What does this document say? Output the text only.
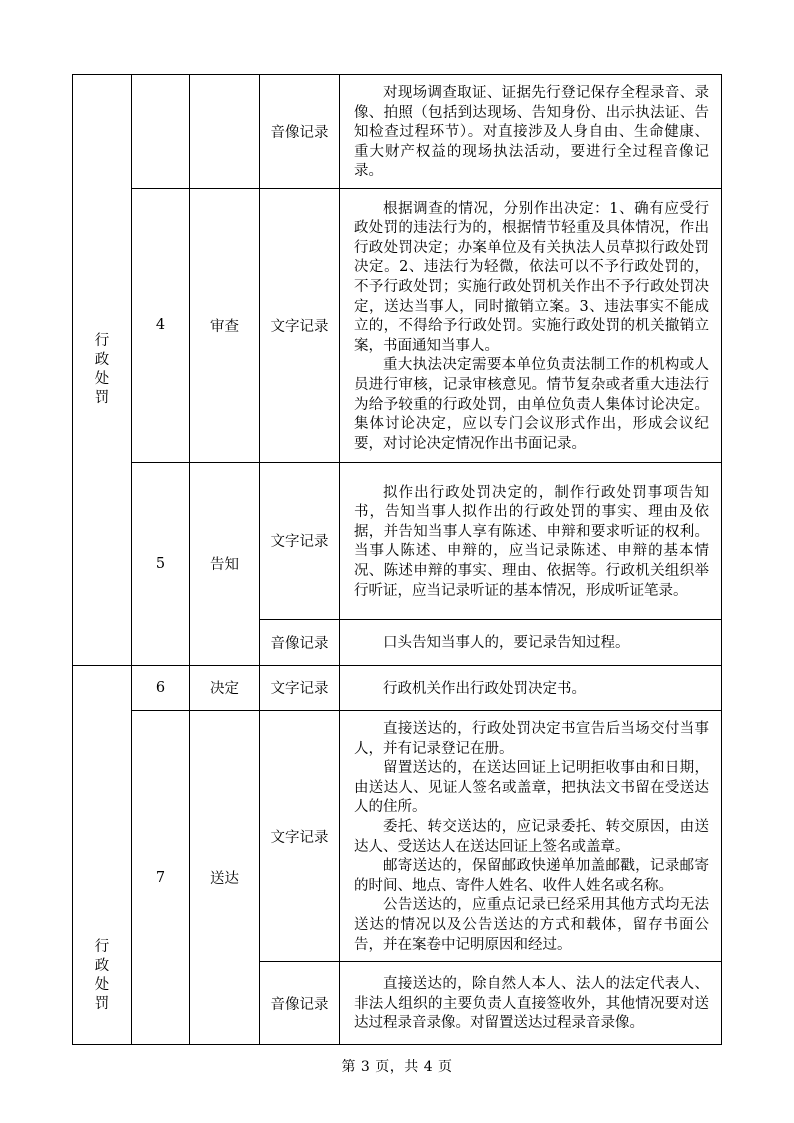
行政处罚			音像记录	对现场调查取证、证据先行登记保存全程录音、录像、拍照（包括到达现场、告知身份、出示执法证、告知检查过程环节）。对直接涉及人身自由、生命健康、重大财产权益的现场执法活动，要进行全过程音像记录。

	4	审查	文字记录	根据调查的情况，分别作出决定：1、确有应受行政处罚的违法行为的，根据情节轻重及具体情况，作出行政处罚决定；办案单位及有关执法人员草拟行政处罚决定。2、违法行为轻微，依法可以不予行政处罚的，不予行政处罚；实施行政处罚机关作出不予行政处罚决定，送达当事人，同时撤销立案。3、违法事实不能成立的，不得给予行政处罚。实施行政处罚的机关撤销立案，书面通知当事人。

重大执法决定需要本单位负责法制工作的机构或人员进行审核，记录审核意见。情节复杂或者重大违法行为给予较重的行政处罚，由单位负责人集体讨论决定。集体讨论决定，应以专门会议形式作出，形成会议纪要，对讨论决定情况作出书面记录。

	5	告知	文字记录	拟作出行政处罚决定的，制作行政处罚事项告知书，告知当事人拟作出的行政处罚的事实、理由及依据，并告知当事人享有陈述、申辩和要求听证的权利。当事人陈述、申辩的，应当记录陈述、申辩的基本情况、陈述申辩的事实、理由、依据等。行政机关组织举行听证，应当记录听证的基本情况，形成听证笔录。

			音像记录	口头告知当事人的，要记录告知过程。

行政处罚	6	决定	文字记录	行政机关作出行政处罚决定书。

	7	送达	文字记录	直接送达的，行政处罚决定书宣告后当场交付当事人，并有记录登记在册。

留置送达的，在送达回证上记明拒收事由和日期，由送达人、见证人签名或盖章，把执法文书留在受送达人的住所。

委托、转交送达的，应记录委托、转交原因，由送达人、受送达人在送达回证上签名或盖章。

邮寄送达的，保留邮政快递单加盖邮戳，记录邮寄的时间、地点、寄件人姓名、收件人姓名或名称。

公告送达的，应重点记录已经采用其他方式均无法送达的情况以及公告送达的方式和载体，留存书面公告，并在案卷中记明原因和经过。

			音像记录	直接送达的，除自然人本人、法人的法定代表人、非法人组织的主要负责人直接签收外，其他情况要对送达过程录音录像。对留置送达过程录音录像。

第 3 页，共 4 页
